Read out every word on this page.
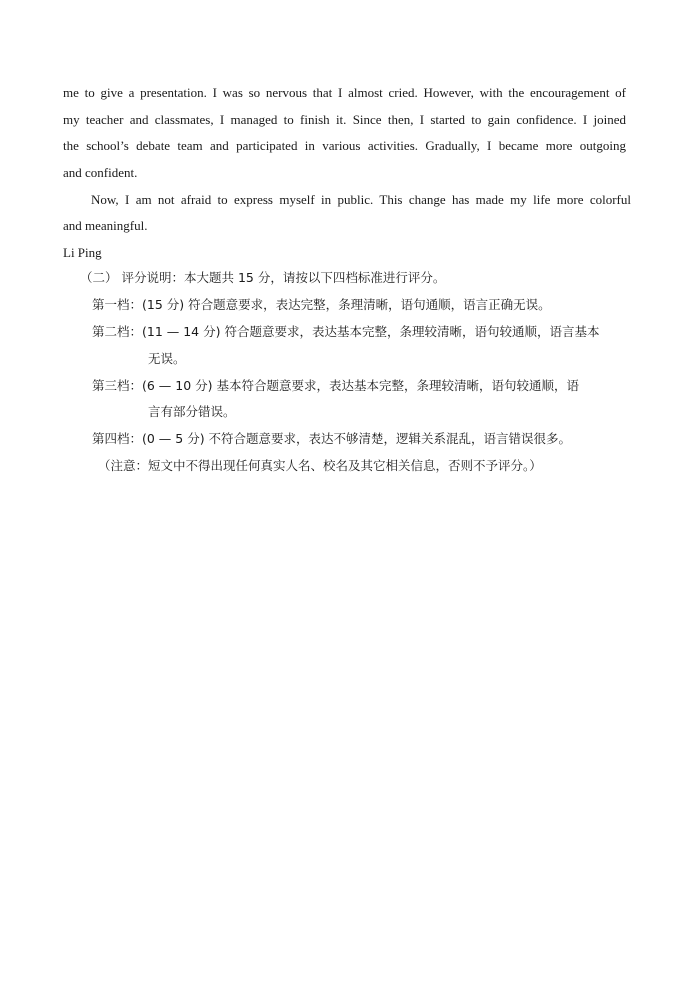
me to give a presentation. I was so nervous that I almost cried. However, with the encouragement of
my teacher and classmates, I managed to finish it. Since then, I started to gain confidence. I joined
the school’s debate team and participated in various activities. Gradually, I became more outgoing
and confident.
Now, I am not afraid to express myself in public. This change has made my life more colorful
and meaningful.
Li Ping
（二） 评分说明：本大题共 15 分，请按以下四档标准进行评分。
第一档：(15 分) 符合题意要求，表达完整，条理清晰，语句通顺，语言正确无误。
第二档：(11 — 14 分) 符合题意要求，表达基本完整，条理较清晰，语句较通顺，语言基本
无误。
第三档：(6 — 10 分) 基本符合题意要求，表达基本完整，条理较清晰，语句较通顺，语
言有部分错误。
第四档：(0 — 5 分) 不符合题意要求，表达不够清楚，逻辑关系混乱，语言错误很多。
（注意：短文中不得出现任何真实人名、校名及其它相关信息，否则不予评分。）
